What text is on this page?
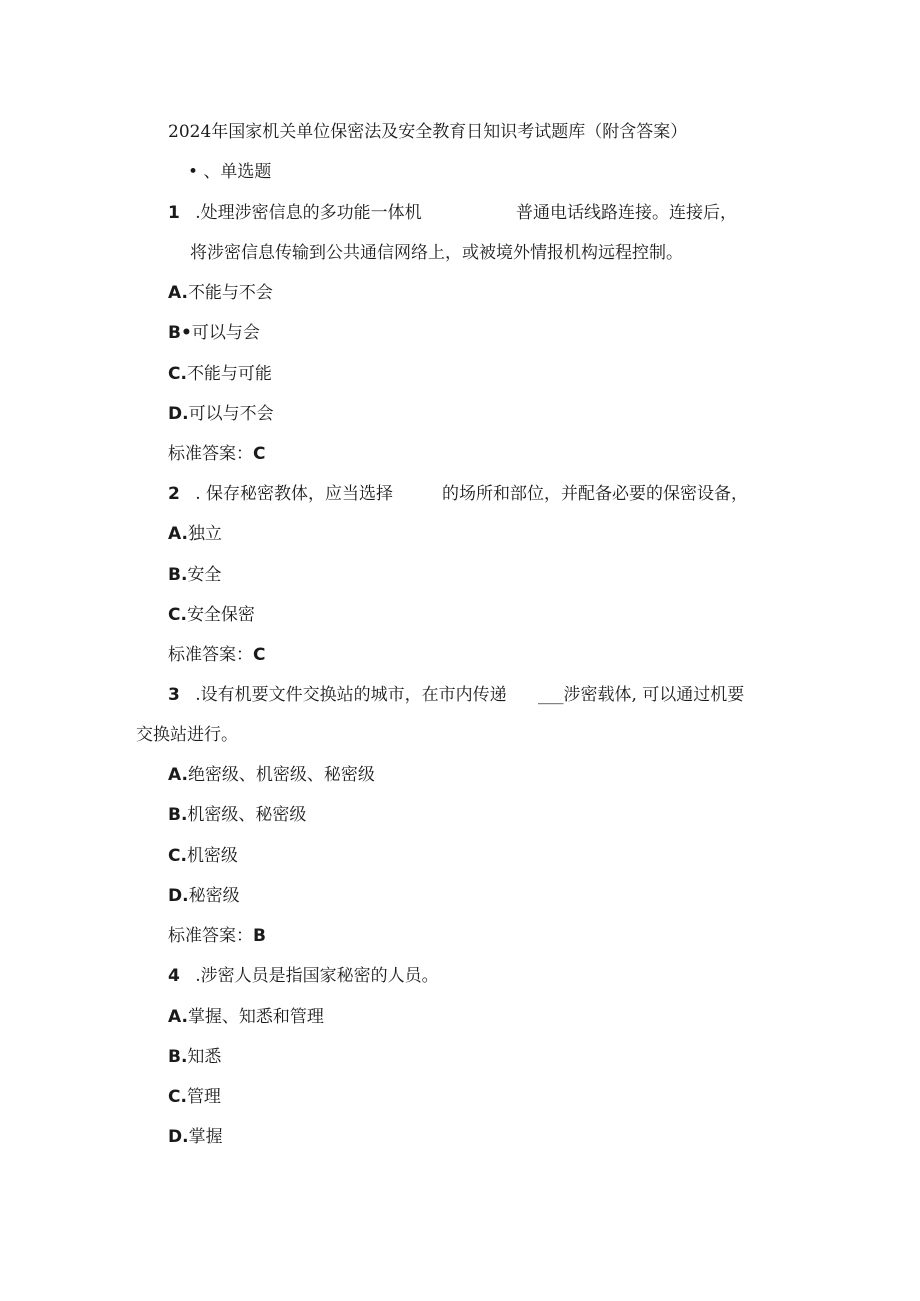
2024年国家机关单位保密法及安全教育日知识考试题库（附含答案）
• 、单选题
1 .处理涉密信息的多功能一体机	普通电话线路连接。连接后，
将涉密信息传输到公共通信网络上，或被境外情报机构远程控制。
A.不能与不会
B•可以与会
C.不能与可能
D.可以与不会
标准答案：C
2 . 保存秘密教体，应当选择	的场所和部位，并配备必要的保密设备，
A.独立
B.安全
C.安全保密
标准答案：C
3 .设有机要文件交换站的城市，在市内传递 ___涉密载体, 可以通过机要
交换站进行。
A.绝密级、机密级、秘密级
B.机密级、秘密级
C.机密级
D.秘密级
标准答案：B
4 .涉密人员是指国家秘密的人员。
A.掌握、知悉和管理
B.知悉
C.管理
D.掌握
